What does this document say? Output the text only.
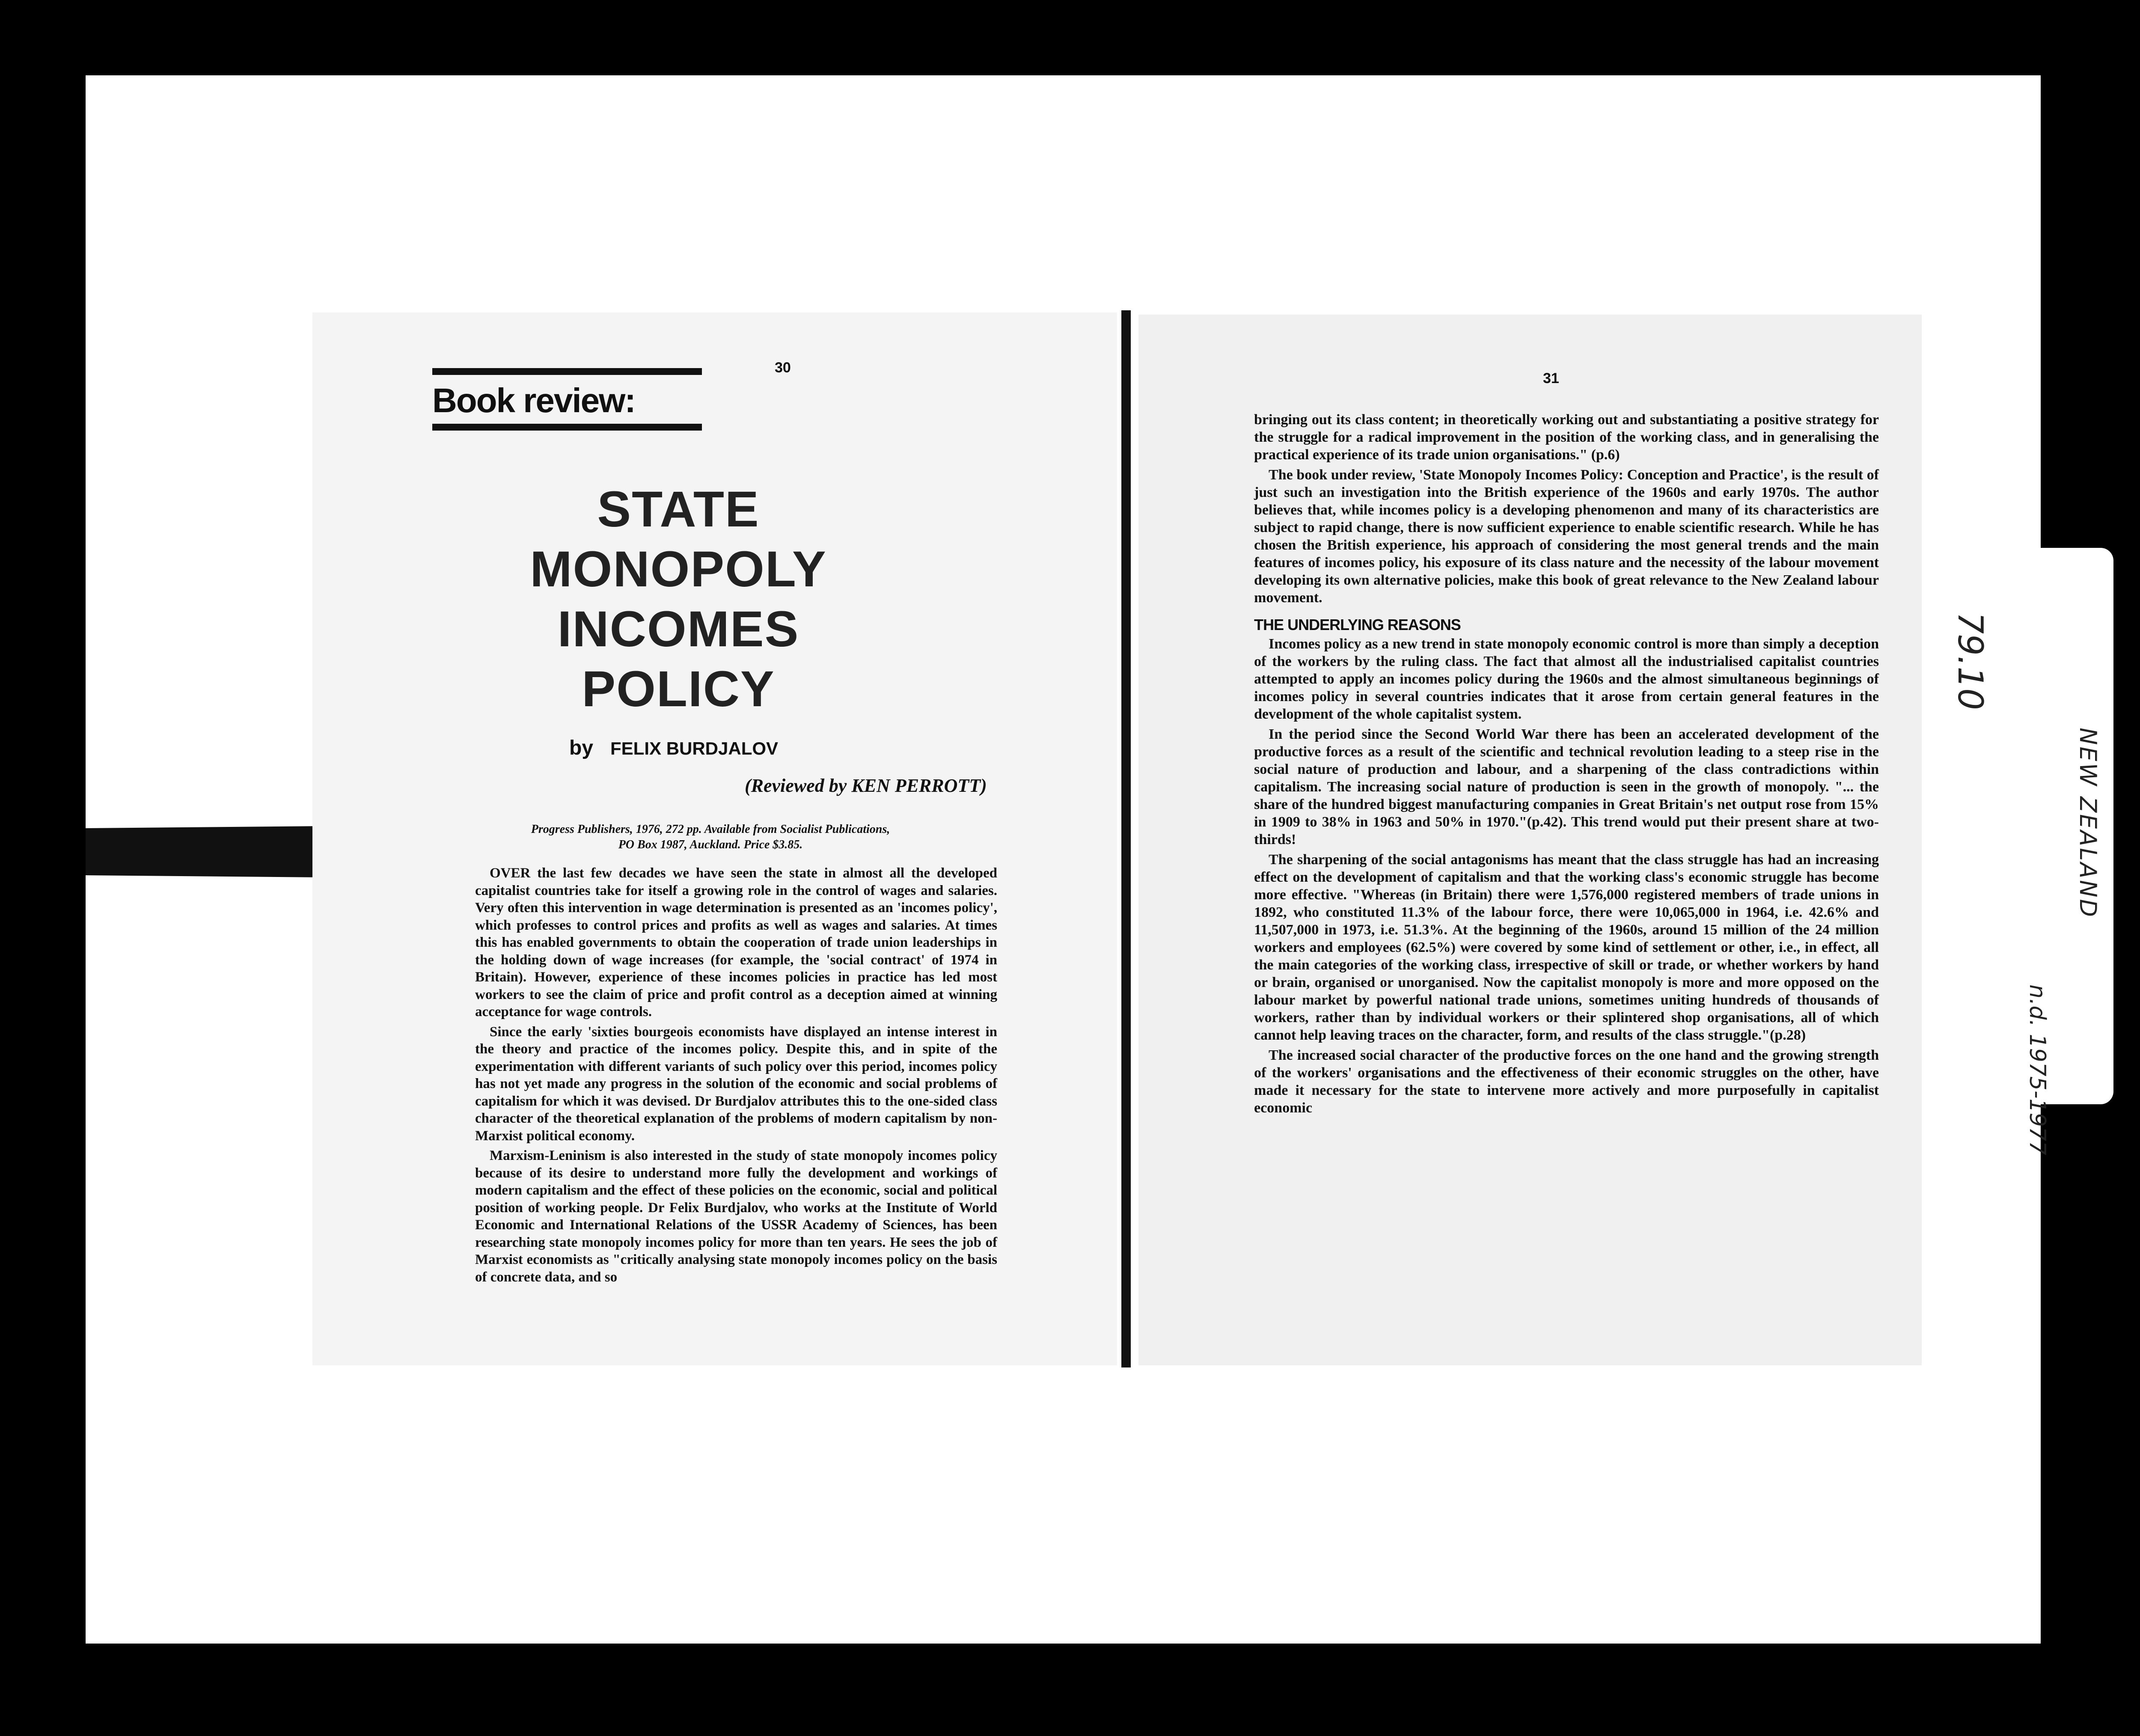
30
Book review:
STATE
MONOPOLY
INCOMES
POLICY
by FELIX BURDJALOV
(Reviewed by KEN PERROTT)
Progress Publishers, 1976, 272 pp. Available from Socialist Publications,
PO Box 1987, Auckland. Price $3.85.

OVER the last few decades we have seen the state in almost all the developed capitalist countries take for itself a growing role in the control of wages and salaries. Very often this intervention in wage determination is presented as an 'incomes policy', which professes to control prices and profits as well as wages and salaries. At times this has enabled governments to obtain the cooperation of trade union leaderships in the holding down of wage increases (for example, the 'social contract' of 1974 in Britain). However, experience of these incomes policies in practice has led most workers to see the claim of price and profit control as a deception aimed at winning acceptance for wage controls.

Since the early 'sixties bourgeois economists have displayed an intense interest in the theory and practice of the incomes policy. Despite this, and in spite of the experimentation with different variants of such policy over this period, incomes policy has not yet made any progress in the solution of the economic and social problems of capitalism for which it was devised. Dr Burdjalov attributes this to the one-sided class character of the theoretical explanation of the problems of modern capitalism by non-Marxist political economy.

Marxism-Leninism is also interested in the study of state monopoly incomes policy because of its desire to understand more fully the development and workings of modern capitalism and the effect of these policies on the economic, social and political position of working people. Dr Felix Burdjalov, who works at the Institute of World Economic and International Relations of the USSR Academy of Sciences, has been researching state monopoly incomes policy for more than ten years. He sees the job of Marxist economists as "critically analysing state monopoly incomes policy on the basis of concrete data, and so

31

bringing out its class content; in theoretically working out and substantiating a positive strategy for the struggle for a radical improvement in the position of the working class, and in generalising the practical experience of its trade union organisations." (p.6)

The book under review, 'State Monopoly Incomes Policy: Conception and Practice', is the result of just such an investigation into the British experience of the 1960s and early 1970s. The author believes that, while incomes policy is a developing phenomenon and many of its characteristics are subject to rapid change, there is now sufficient experience to enable scientific research. While he has chosen the British experience, his approach of considering the most general trends and the main features of incomes policy, his exposure of its class nature and the necessity of the labour movement developing its own alternative policies, make this book of great relevance to the New Zealand labour movement.

THE UNDERLYING REASONS

Incomes policy as a new trend in state monopoly economic control is more than simply a deception of the workers by the ruling class. The fact that almost all the industrialised capitalist countries attempted to apply an incomes policy during the 1960s and the almost simultaneous beginnings of incomes policy in several countries indicates that it arose from certain general features in the development of the whole capitalist system.

In the period since the Second World War there has been an accelerated development of the productive forces as a result of the scientific and technical revolution leading to a steep rise in the social nature of production and labour, and a sharpening of the class contradictions within capitalism. The increasing social nature of production is seen in the growth of monopoly. "... the share of the hundred biggest manufacturing companies in Great Britain's net output rose from 15% in 1909 to 38% in 1963 and 50% in 1970."(p.42). This trend would put their present share at two-thirds!

The sharpening of the social antagonisms has meant that the class struggle has had an increasing effect on the development of capitalism and that the working class's economic struggle has become more effective. "Whereas (in Britain) there were 1,576,000 registered members of trade unions in 1892, who constituted 11.3% of the labour force, there were 10,065,000 in 1964, i.e. 42.6% and 11,507,000 in 1973, i.e. 51.3%. At the beginning of the 1960s, around 15 million of the 24 million workers and employees (62.5%) were covered by some kind of settlement or other, i.e., in effect, all the main categories of the working class, irrespective of skill or trade, or whether workers by hand or brain, organised or unorganised. Now the capitalist monopoly is more and more opposed on the labour market by powerful national trade unions, sometimes uniting hundreds of thousands of workers, rather than by individual workers or their splintered shop organisations, all of which cannot help leaving traces on the character, form, and results of the class struggle."(p.28)

The increased social character of the productive forces on the one hand and the growing strength of the workers' organisations and the effectiveness of their economic struggles on the other, have made it necessary for the state to intervene more actively and more purposefully in capitalist economic

79.10
NEW ZEALAND
n.d. 1975-1977
